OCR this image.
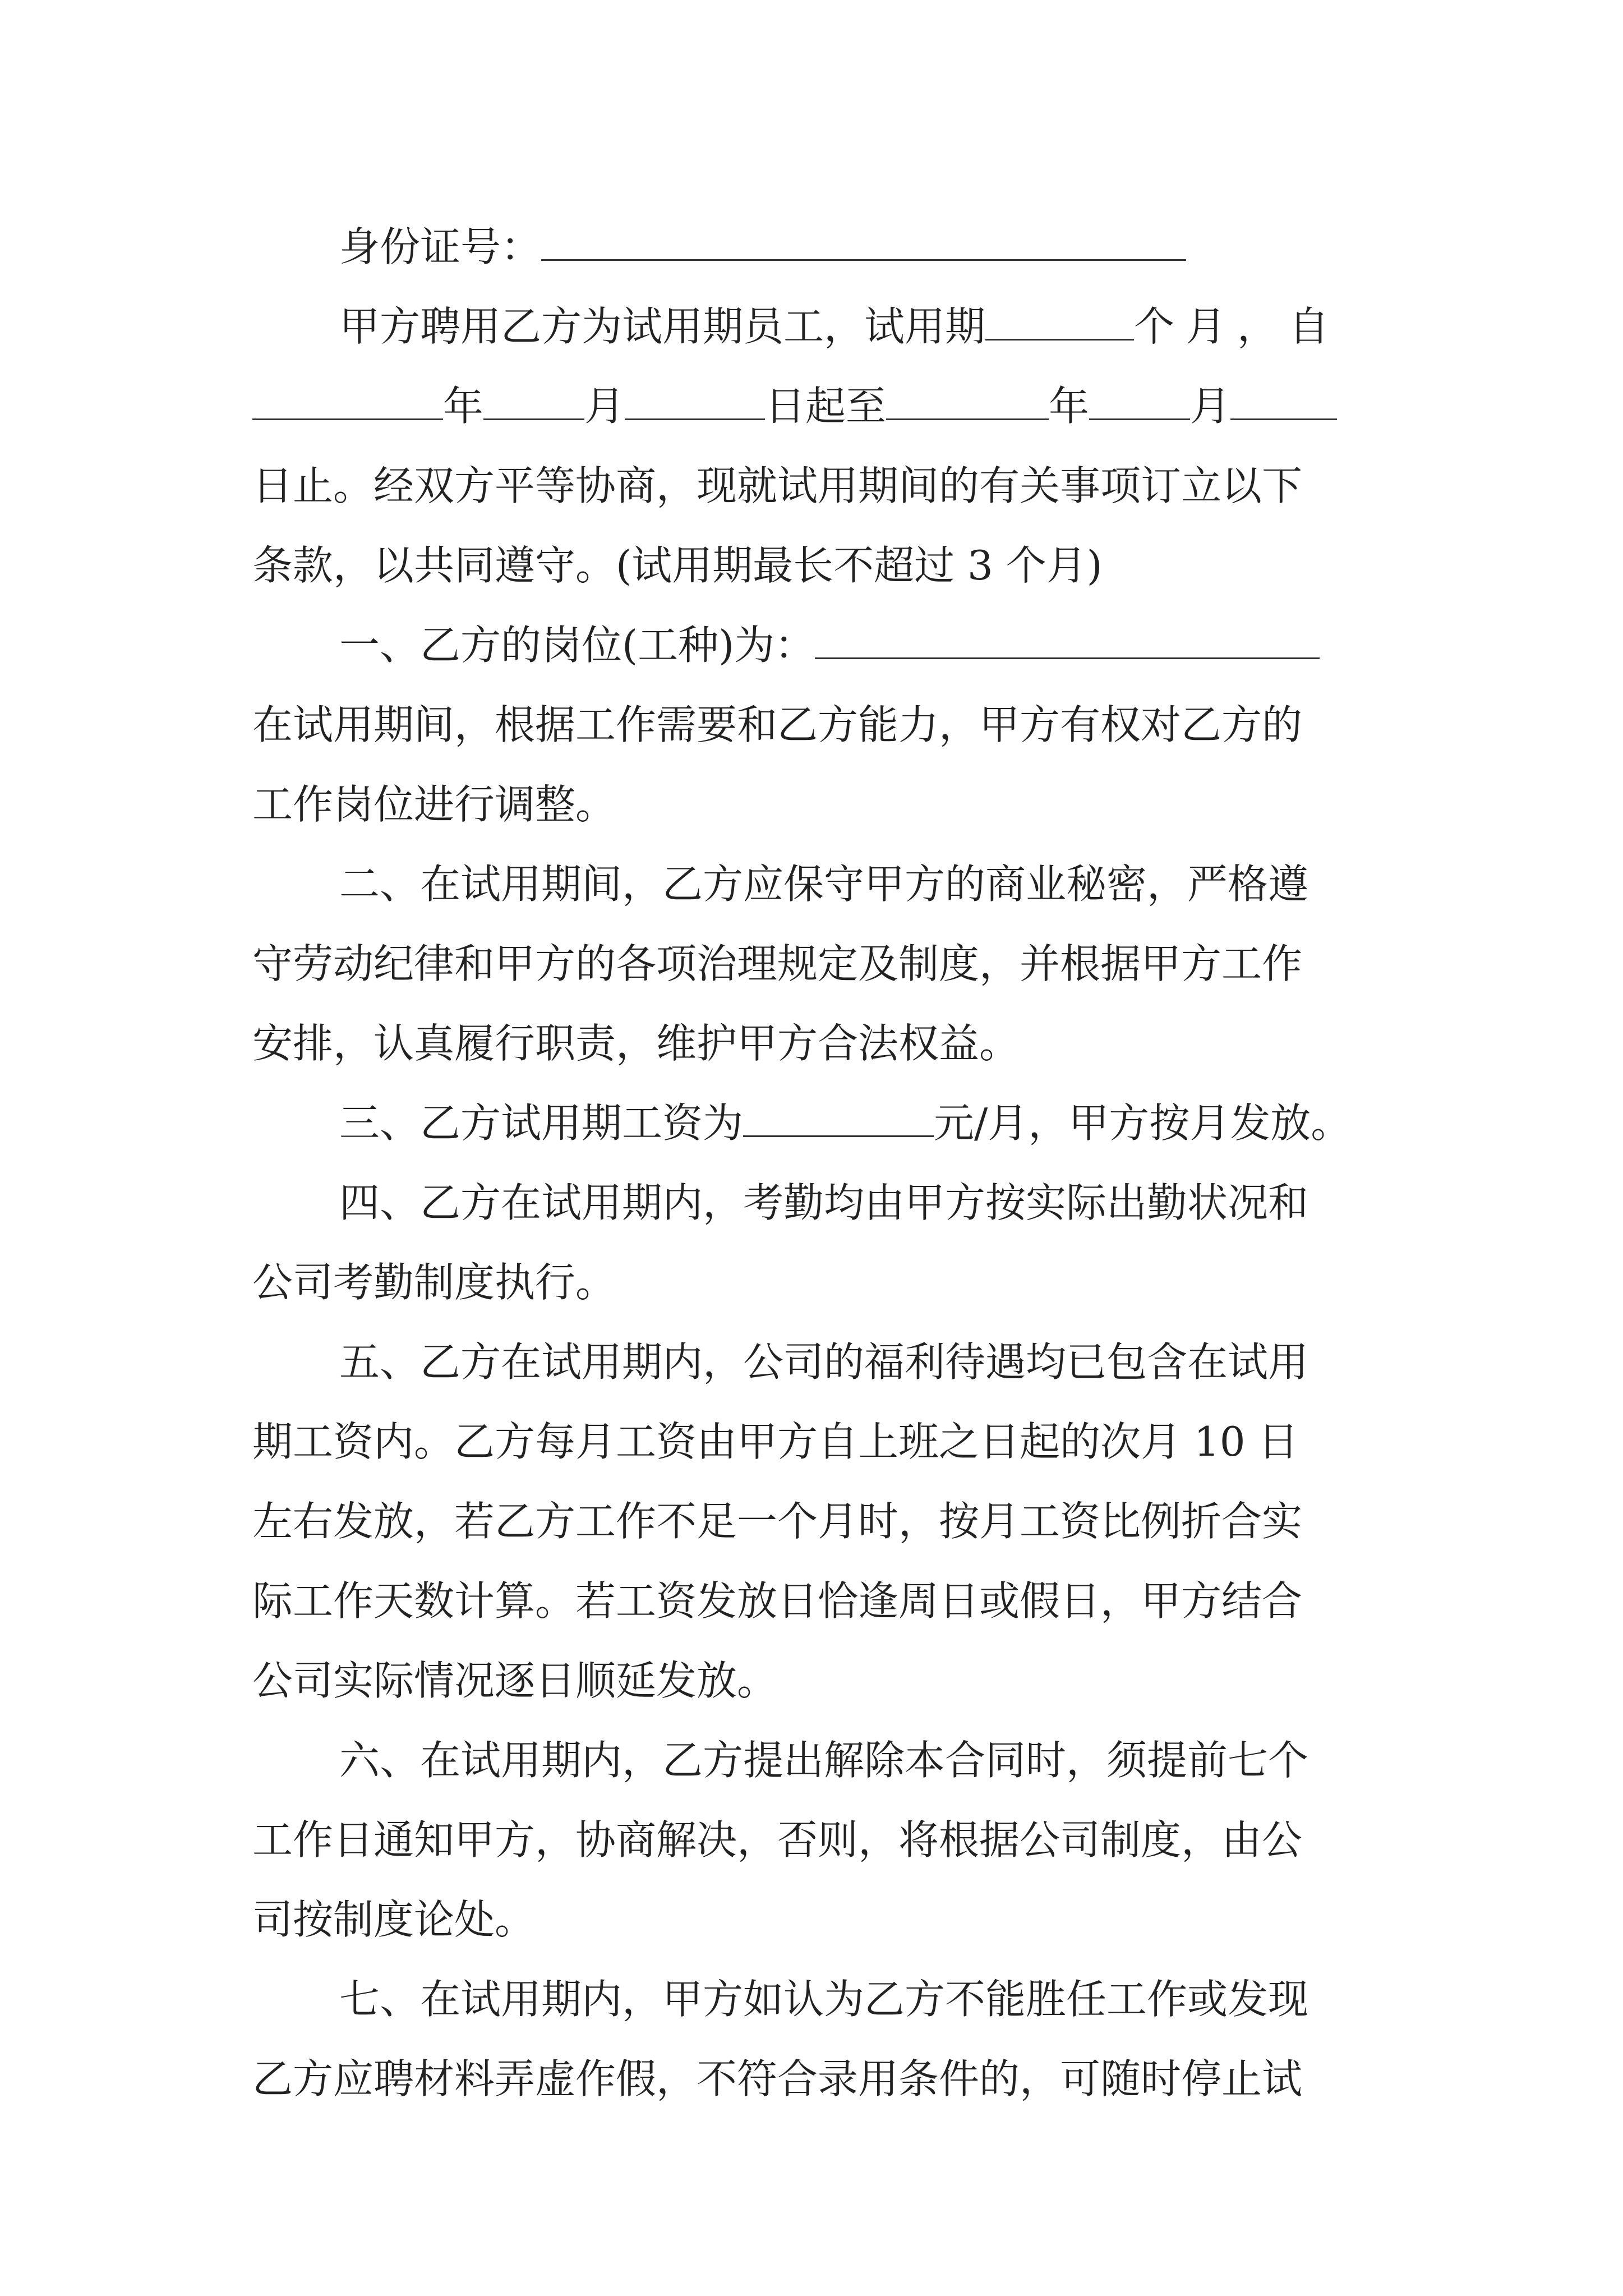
身份证号：
甲方聘用乙方为试用期员工，试用期	个月，自
年	月	日起至	年	月
日止。经双方平等协商，现就试用期间的有关事项订立以下
条款，以共同遵守。(试用期最长不超过 3 个月)
一、乙方的岗位(工种)为：
在试用期间，根据工作需要和乙方能力，甲方有权对乙方的
工作岗位进行调整。
二、在试用期间，乙方应保守甲方的商业秘密，严格遵
守劳动纪律和甲方的各项治理规定及制度，并根据甲方工作
安排，认真履行职责，维护甲方合法权益。
三、乙方试用期工资为	元/月，甲方按月发放。
四、乙方在试用期内，考勤均由甲方按实际出勤状况和
公司考勤制度执行。
五、乙方在试用期内，公司的福利待遇均已包含在试用
期工资内。乙方每月工资由甲方自上班之日起的次月 10 日
左右发放，若乙方工作不足一个月时，按月工资比例折合实
际工作天数计算。若工资发放日恰逢周日或假日，甲方结合
公司实际情况逐日顺延发放。
六、在试用期内，乙方提出解除本合同时，须提前七个
工作日通知甲方，协商解决，否则，将根据公司制度，由公
司按制度论处。
七、在试用期内，甲方如认为乙方不能胜任工作或发现
乙方应聘材料弄虚作假，不符合录用条件的，可随时停止试
